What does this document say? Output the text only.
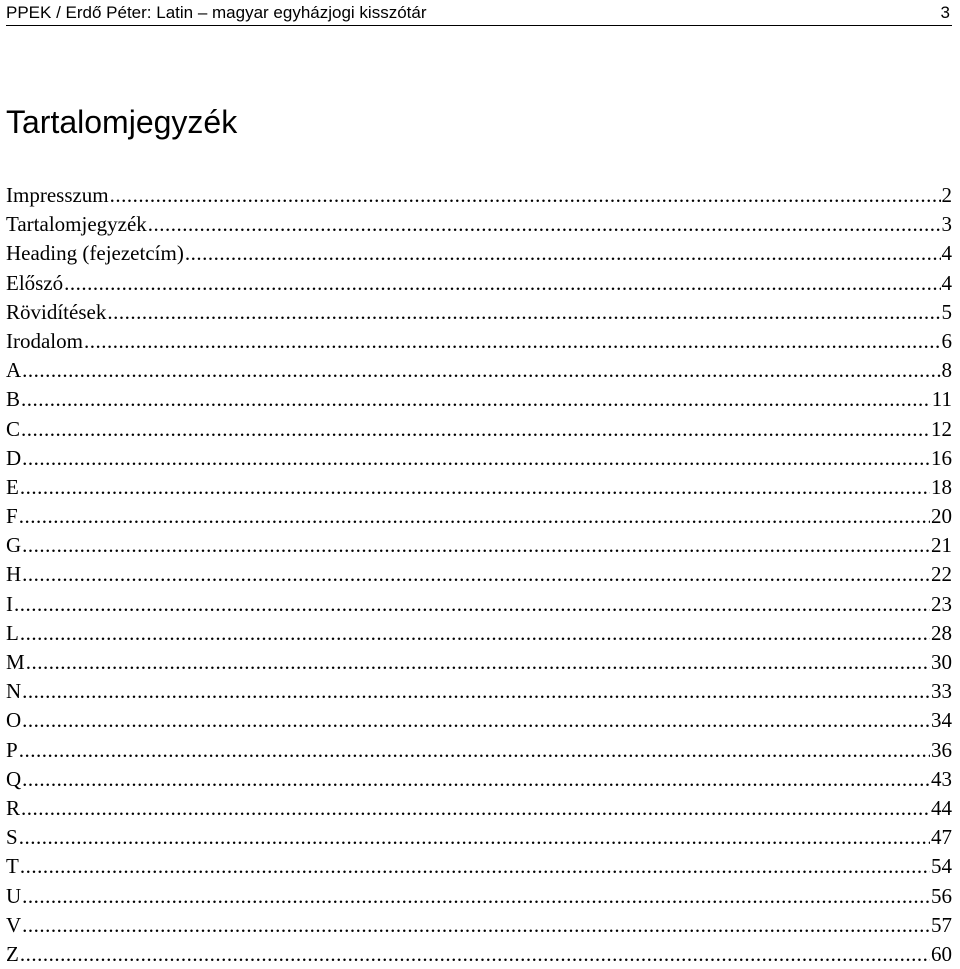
PPEK / Erdő Péter: Latin – magyar egyházjogi kisszótár	3
Tartalomjegyzék
Impresszum .....	2
Tartalomjegyzék .....	3
Heading (fejezetcím) .....	4
Előszó .....	4
Rövidítések .....	5
Irodalom .....	6
A .....	8
B .....	11
C .....	12
D .....	16
E .....	18
F .....	20
G .....	21
H .....	22
I .....	23
L .....	28
M .....	30
N .....	33
O .....	34
P .....	36
Q .....	43
R .....	44
S .....	47
T .....	54
U .....	56
V .....	57
Z .....	60
